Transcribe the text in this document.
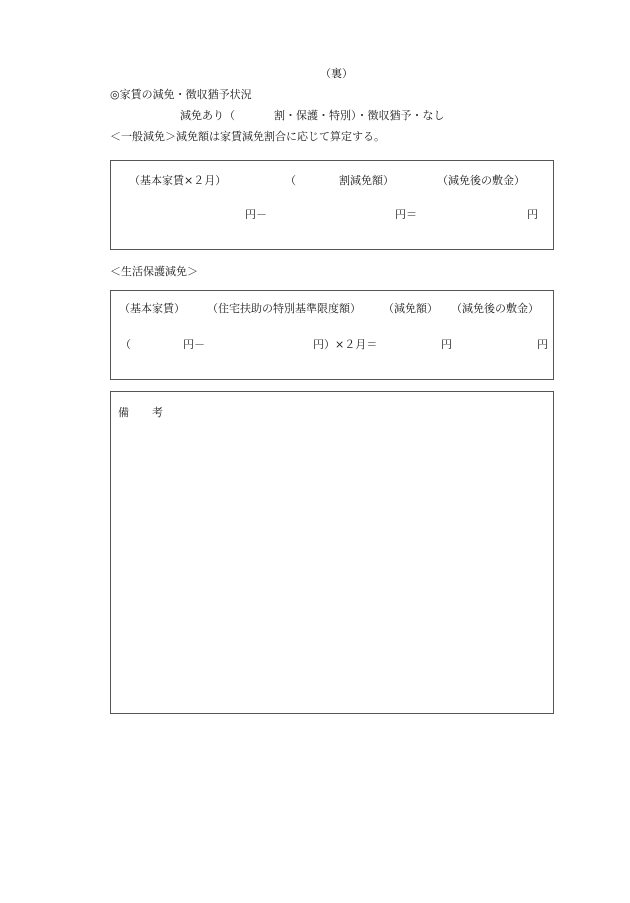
（裏）
◎家賃の減免・徴収猶予状況
減免あり（	割・保護・特別）・徴収猶予・なし
＜一般減免＞減免額は家賃減免割合に応じて算定する。
（基本家賃×２月）	（	割減免額）	（減免後の敷金）
円－	円＝	円
＜生活保護減免＞
（基本家賃） （住宅扶助の特別基準限度額） （減免額） （減免後の敷金）
（	円－	円）×２月＝	円	円
備 考
